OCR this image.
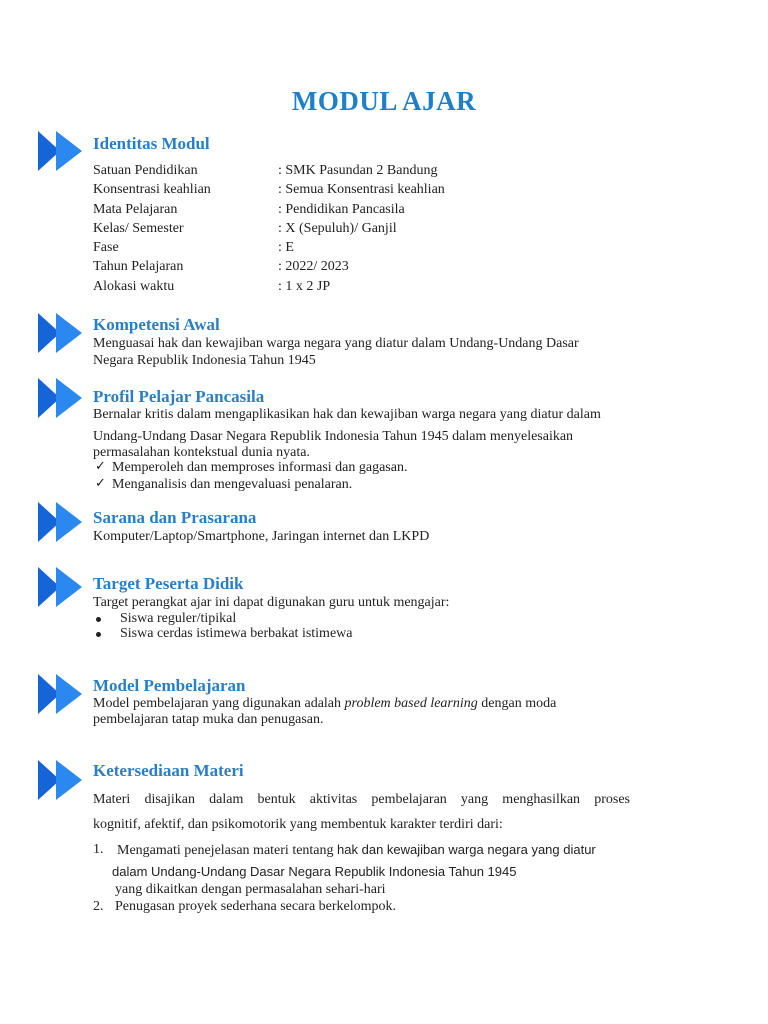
MODUL AJAR
Identitas Modul
Satuan Pendidikan	: SMK Pasundan 2 Bandung
Konsentrasi keahlian	: Semua Konsentrasi keahlian
Mata Pelajaran	: Pendidikan Pancasila
Kelas/ Semester	: X (Sepuluh)/ Ganjil
Fase	: E
Tahun Pelajaran	: 2022/ 2023
Alokasi waktu	: 1 x 2 JP
Kompetensi Awal
Menguasai hak dan kewajiban warga negara yang diatur dalam Undang-Undang Dasar
Negara Republik Indonesia Tahun 1945
Profil Pelajar Pancasila
Bernalar kritis dalam mengaplikasikan hak dan kewajiban warga negara yang diatur dalam
Undang-Undang Dasar Negara Republik Indonesia Tahun 1945 dalam menyelesaikan
permasalahan kontekstual dunia nyata.
✓ Memperoleh dan memproses informasi dan gagasan.
✓ Menganalisis dan mengevaluasi penalaran.
Sarana dan Prasarana
Komputer/Laptop/Smartphone, Jaringan internet dan LKPD
Target Peserta Didik
Target perangkat ajar ini dapat digunakan guru untuk mengajar:
Siswa reguler/tipikal
Siswa cerdas istimewa berbakat istimewa
Model Pembelajaran
Model pembelajaran yang digunakan adalah problem based learning dengan moda
pembelajaran tatap muka dan penugasan.
Ketersediaan Materi
Materi disajikan dalam bentuk aktivitas pembelajaran yang menghasilkan proses
kognitif, afektif, dan psikomotorik yang membentuk karakter terdiri dari:
1. Mengamati penejelasan materi tentang hak dan kewajiban warga negara yang diatur
dalam Undang-Undang Dasar Negara Republik Indonesia Tahun 1945
yang dikaitkan dengan permasalahan sehari-hari
2. Penugasan proyek sederhana secara berkelompok.
